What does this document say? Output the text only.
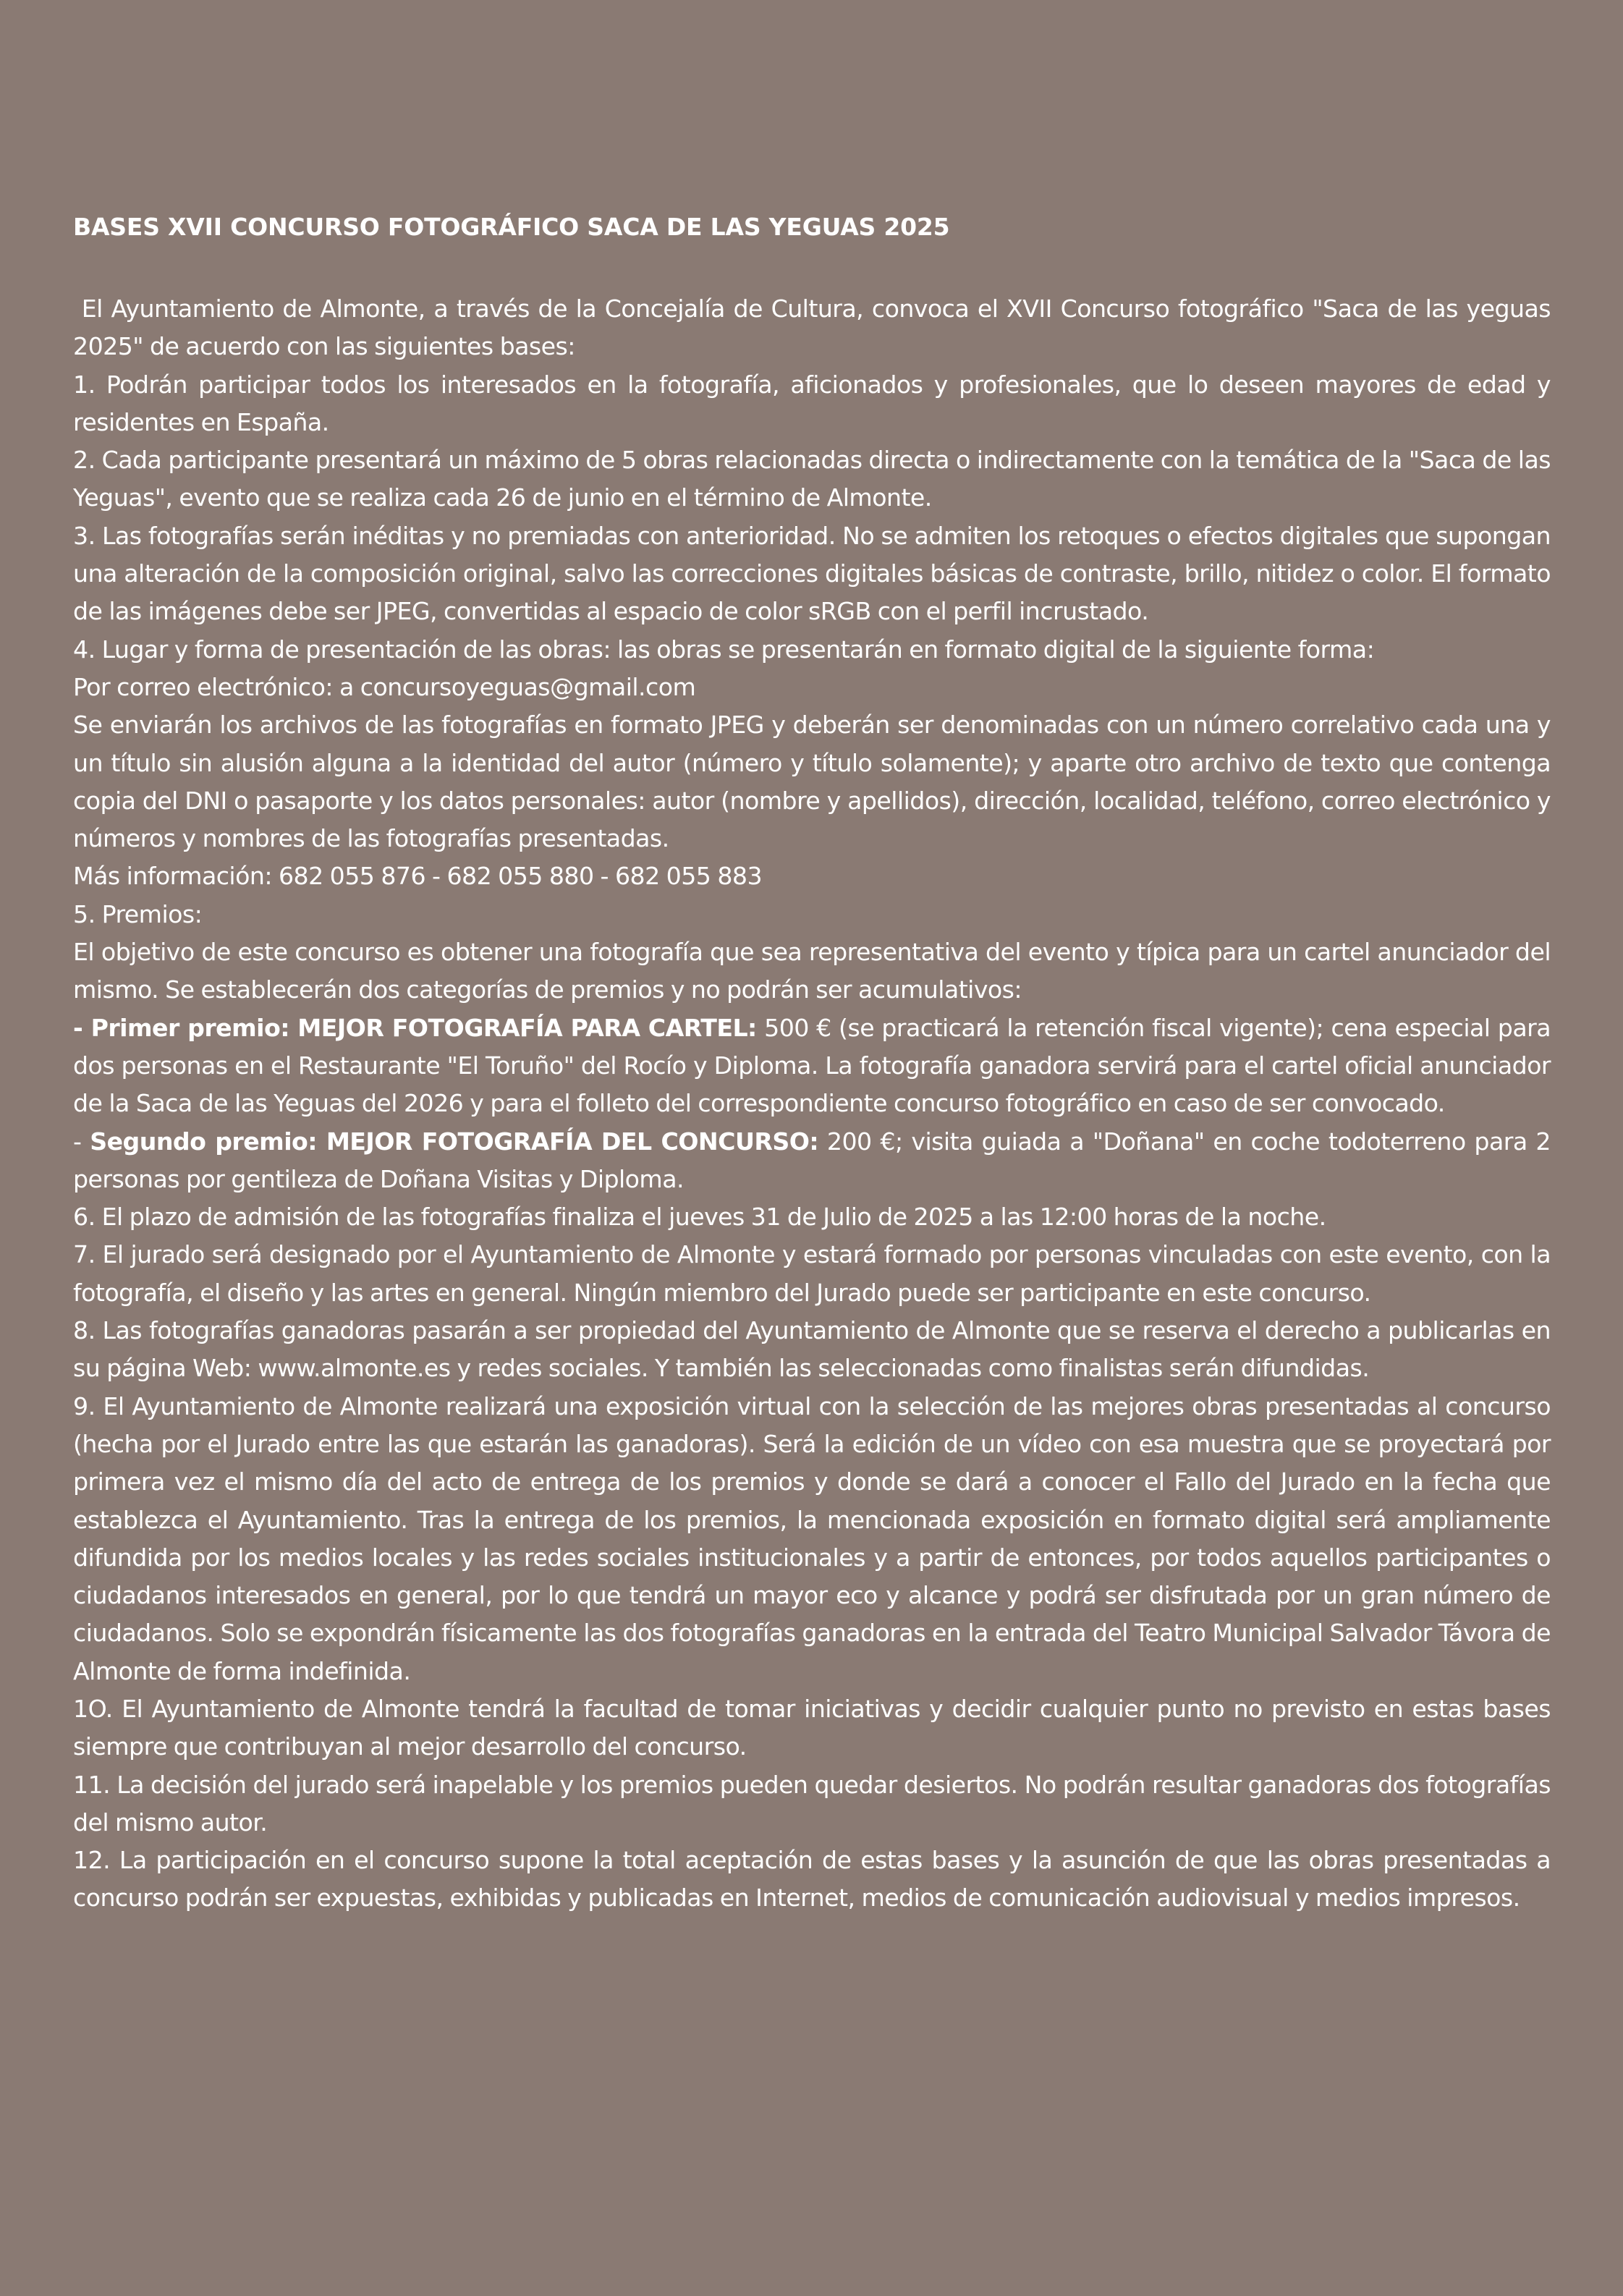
BASES XVII CONCURSO FOTOGRÁFICO SACA DE LAS YEGUAS 2025

El Ayuntamiento de Almonte, a través de la Concejalía de Cultura, convoca el XVII Concurso fotográfico "Saca de las yeguas 2025" de acuerdo con las siguientes bases:

1. Podrán participar todos los interesados en la fotografía, aficionados y profesionales, que lo deseen mayores de edad y residentes en España.

2. Cada participante presentará un máximo de 5 obras relacionadas directa o indirectamente con la temática de la "Saca de las Yeguas", evento que se realiza cada 26 de junio en el término de Almonte.

3. Las fotografías serán inéditas y no premiadas con anterioridad. No se admiten los retoques o efectos digitales que supongan una alteración de la composición original, salvo las correcciones digitales básicas de contraste, brillo, nitidez o color. El formato de las imágenes debe ser JPEG, convertidas al espacio de color sRGB con el perfil incrustado.

4. Lugar y forma de presentación de las obras: las obras se presentarán en formato digital de la siguiente forma:

Por correo electrónico: a concursoyeguas@gmail.com

Se enviarán los archivos de las fotografías en formato JPEG y deberán ser denominadas con un número correlativo cada una y un título sin alusión alguna a la identidad del autor (número y título solamente); y aparte otro archivo de texto que contenga copia del DNI o pasaporte y los datos personales: autor (nombre y apellidos), dirección, localidad, teléfono, correo electrónico y números y nombres de las fotografías presentadas.

Más información: 682 055 876 - 682 055 880 - 682 055 883

5. Premios:

El objetivo de este concurso es obtener una fotografía que sea representativa del evento y típica para un cartel anunciador del mismo. Se establecerán dos categorías de premios y no podrán ser acumulativos:

- Primer premio: MEJOR FOTOGRAFÍA PARA CARTEL: 500 € (se practicará la retención fiscal vigente); cena especial para dos personas en el Restaurante "El Toruño" del Rocío y Diploma. La fotografía ganadora servirá para el cartel oficial anunciador de la Saca de las Yeguas del 2026 y para el folleto del correspondiente concurso fotográfico en caso de ser convocado.

- Segundo premio: MEJOR FOTOGRAFÍA DEL CONCURSO: 200 €; visita guiada a "Doñana" en coche todoterreno para 2 personas por gentileza de Doñana Visitas y Diploma.

6. El plazo de admisión de las fotografías finaliza el jueves 31 de Julio de 2025 a las 12:00 horas de la noche.

7. El jurado será designado por el Ayuntamiento de Almonte y estará formado por personas vinculadas con este evento, con la fotografía, el diseño y las artes en general. Ningún miembro del Jurado puede ser participante en este concurso.

8. Las fotografías ganadoras pasarán a ser propiedad del Ayuntamiento de Almonte que se reserva el derecho a publicarlas en su página Web: www.almonte.es y redes sociales. Y también las seleccionadas como finalistas serán difundidas.

9. El Ayuntamiento de Almonte realizará una exposición virtual con la selección de las mejores obras presentadas al concurso (hecha por el Jurado entre las que estarán las ganadoras). Será la edición de un vídeo con esa muestra que se proyectará por primera vez el mismo día del acto de entrega de los premios y donde se dará a conocer el Fallo del Jurado en la fecha que establezca el Ayuntamiento. Tras la entrega de los premios, la mencionada exposición en formato digital será ampliamente difundida por los medios locales y las redes sociales institucionales y a partir de entonces, por todos aquellos participantes o ciudadanos interesados en general, por lo que tendrá un mayor eco y alcance y podrá ser disfrutada por un gran número de ciudadanos. Solo se expondrán físicamente las dos fotografías ganadoras en la entrada del Teatro Municipal Salvador Távora de Almonte de forma indefinida.

1O. El Ayuntamiento de Almonte tendrá la facultad de tomar iniciativas y decidir cualquier punto no previsto en estas bases siempre que contribuyan al mejor desarrollo del concurso.

11. La decisión del jurado será inapelable y los premios pueden quedar desiertos. No podrán resultar ganadoras dos fotografías del mismo autor.

12. La participación en el concurso supone la total aceptación de estas bases y la asunción de que las obras presentadas a concurso podrán ser expuestas, exhibidas y publicadas en Internet, medios de comunicación audiovisual y medios impresos.
